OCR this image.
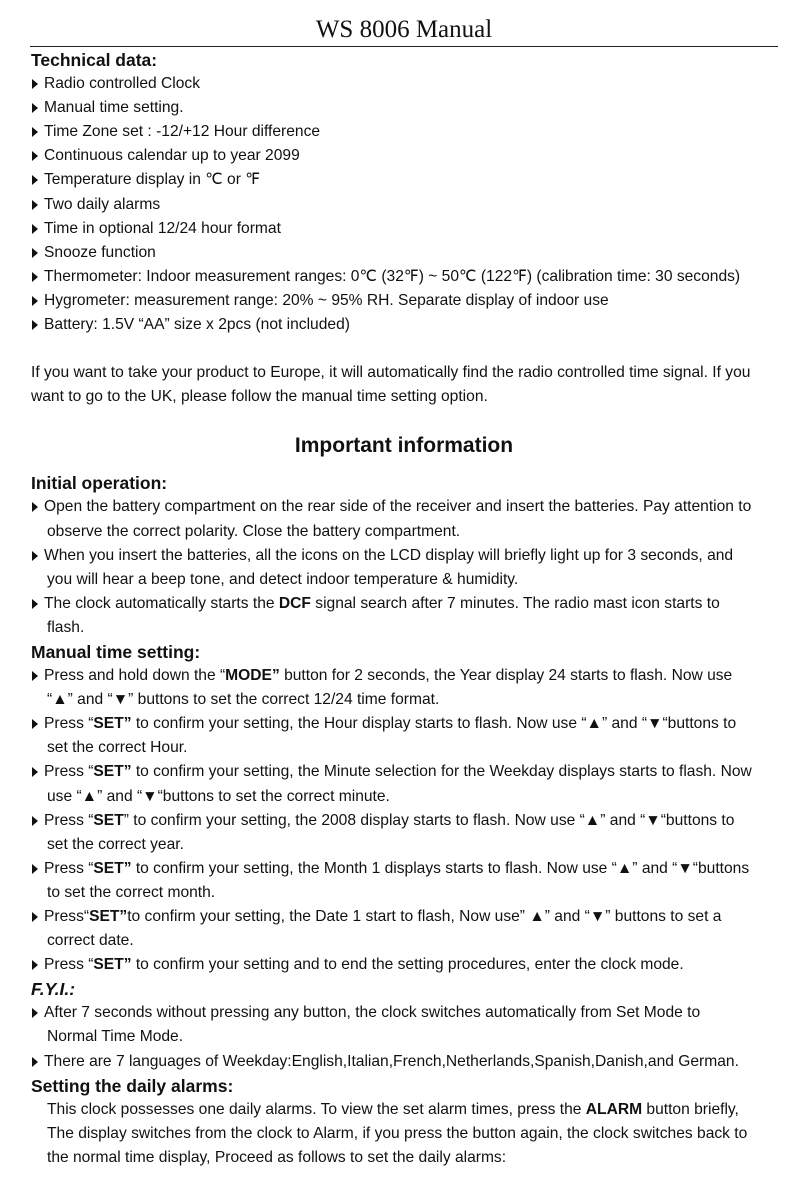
WS 8006 Manual

Technical data:

Radio controlled Clock
Manual time setting.
Time Zone set : -12/+12 Hour difference
Continuous calendar up to year 2099
Temperature display in ℃ or ℉
Two daily alarms
Time in optional 12/24 hour format
Snooze function
Thermometer: Indoor measurement ranges: 0℃ (32℉) ~ 50℃ (122℉) (calibration time: 30 seconds)
Hygrometer: measurement range: 20% ~ 95% RH. Separate display of indoor use
Battery: 1.5V “AA” size x 2pcs (not included)
If you want to take your product to Europe, it will automatically find the radio controlled time signal. If you
want to go to the UK, please follow the manual time setting option.
Important information

Initial operation:

Open the battery compartment on the rear side of the receiver and insert the batteries. Pay attention to
observe the correct polarity. Close the battery compartment.
When you insert the batteries, all the icons on the LCD display will briefly light up for 3 seconds, and
you will hear a beep tone, and detect indoor temperature & humidity.
The clock automatically starts the DCF signal search after 7 minutes. The radio mast icon starts to
flash.

Manual time setting:

Press and hold down the “MODE” button for 2 seconds, the Year display 24 starts to flash. Now use
“▲” and “▼” buttons to set the correct 12/24 time format.
Press “SET” to confirm your setting, the Hour display starts to flash. Now use “▲” and “▼“buttons to
set the correct Hour.
Press “SET” to confirm your setting, the Minute selection for the Weekday displays starts to flash. Now
use “▲” and “▼“buttons to set the correct minute.
Press “SET” to confirm your setting, the 2008 display starts to flash. Now use “▲” and “▼“buttons to
set the correct year.
Press “SET” to confirm your setting, the Month 1 displays starts to flash. Now use “▲” and “▼“buttons
to set the correct month.
Press“SET”to confirm your setting, the Date 1 start to flash, Now use” ▲” and “▼” buttons to set a
correct date.
Press “SET” to confirm your setting and to end the setting procedures, enter the clock mode.

F.Y.I.:

After 7 seconds without pressing any button, the clock switches automatically from Set Mode to
Normal Time Mode.
There are 7 languages of Weekday:English,Italian,French,Netherlands,Spanish,Danish,and German.

Setting the daily alarms:

This clock possesses one daily alarms. To view the set alarm times, press the ALARM button briefly,
The display switches from the clock to Alarm, if you press the button again, the clock switches back to
the normal time display, Proceed as follows to set the daily alarms:
